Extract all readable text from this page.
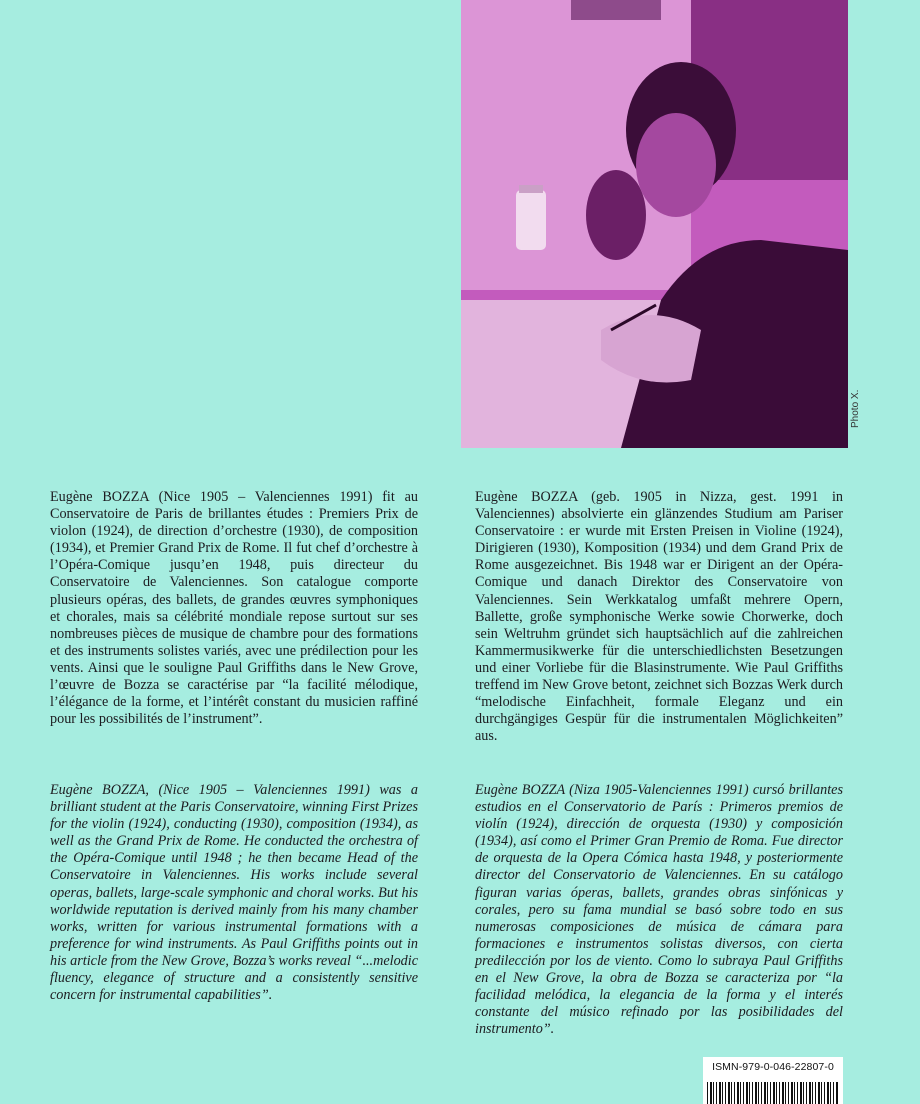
Photo X.

Eugène BOZZA (Nice 1905 – Valenciennes 1991) fit au Conservatoire de Paris de brillantes études : Premiers Prix de violon (1924), de direction d’orchestre (1930), de composition (1934), et Premier Grand Prix de Rome. Il fut chef d’orchestre à l’Opéra-Comique jusqu’en 1948, puis directeur du Conservatoire de Valenciennes. Son catalogue comporte plusieurs opéras, des ballets, de grandes œuvres symphoniques et chorales, mais sa célébrité mondiale repose surtout sur ses nombreuses pièces de musique de chambre pour des formations et des instruments solistes variés, avec une prédilection pour les vents. Ainsi que le souligne Paul Griffiths dans le New Grove, l’œuvre de Bozza se caractérise par “la facilité mélodique, l’élégance de la forme, et l’intérêt constant du musicien raffiné pour les possibilités de l’instrument”.

Eugène BOZZA (geb. 1905 in Nizza, gest. 1991 in Valenciennes) absolvierte ein glänzendes Studium am Pariser Conservatoire : er wurde mit Ersten Preisen in Violine (1924), Dirigieren (1930), Komposition (1934) und dem Grand Prix de Rome ausgezeichnet. Bis 1948 war er Dirigent an der Opéra-Comique und danach Direktor des Conservatoire von Valenciennes. Sein Werkkatalog umfaßt mehrere Opern, Ballette, große symphonische Werke sowie Chorwerke, doch sein Weltruhm gründet sich hauptsächlich auf die zahlreichen Kammermusikwerke für die unterschiedlichsten Besetzungen und einer Vorliebe für die Blasinstrumente. Wie Paul Griffiths treffend im New Grove betont, zeichnet sich Bozzas Werk durch “melodische Einfachheit, formale Eleganz und ein durchgängiges Gespür für die instrumentalen Möglichkeiten” aus.

Eugène BOZZA, (Nice 1905 – Valenciennes 1991) was a brilliant student at the Paris Conservatoire, winning First Prizes for the violin (1924), conducting (1930), composition (1934), as well as the Grand Prix de Rome. He conducted the orchestra of the Opéra-Comique until 1948 ; he then became Head of the Conservatoire in Valenciennes. His works include several operas, ballets, large-scale symphonic and choral works. But his worldwide reputation is derived mainly from his many chamber works, written for various instrumental formations with a preference for wind instruments. As Paul Griffiths points out in his article from the New Grove, Bozza’s works reveal “...melodic fluency, elegance of structure and a consistently sensitive concern for instrumental capabilities”.

Eugène BOZZA (Niza 1905-Valenciennes 1991) cursó brillantes estudios en el Conservatorio de París : Primeros premios de violín (1924), dirección de orquesta (1930) y composición (1934), así como el Primer Gran Premio de Roma. Fue director de orquesta de la Opera Cómica hasta 1948, y posteriormente director del Conservatorio de Valenciennes. En su catálogo figuran varias óperas, ballets, grandes obras sinfónicas y corales, pero su fama mundial se basó sobre todo en sus numerosas composiciones de música de cámara para formaciones e instrumentos solistas diversos, con cierta predilección por los de viento. Como lo subraya Paul Griffiths en el New Grove, la obra de Bozza se caracteriza por “la facilidad melódica, la elegancia de la forma y el interés constante del músico refinado por las posibilidades del instrumento”.

ISMN-979-0-046-22807-0
